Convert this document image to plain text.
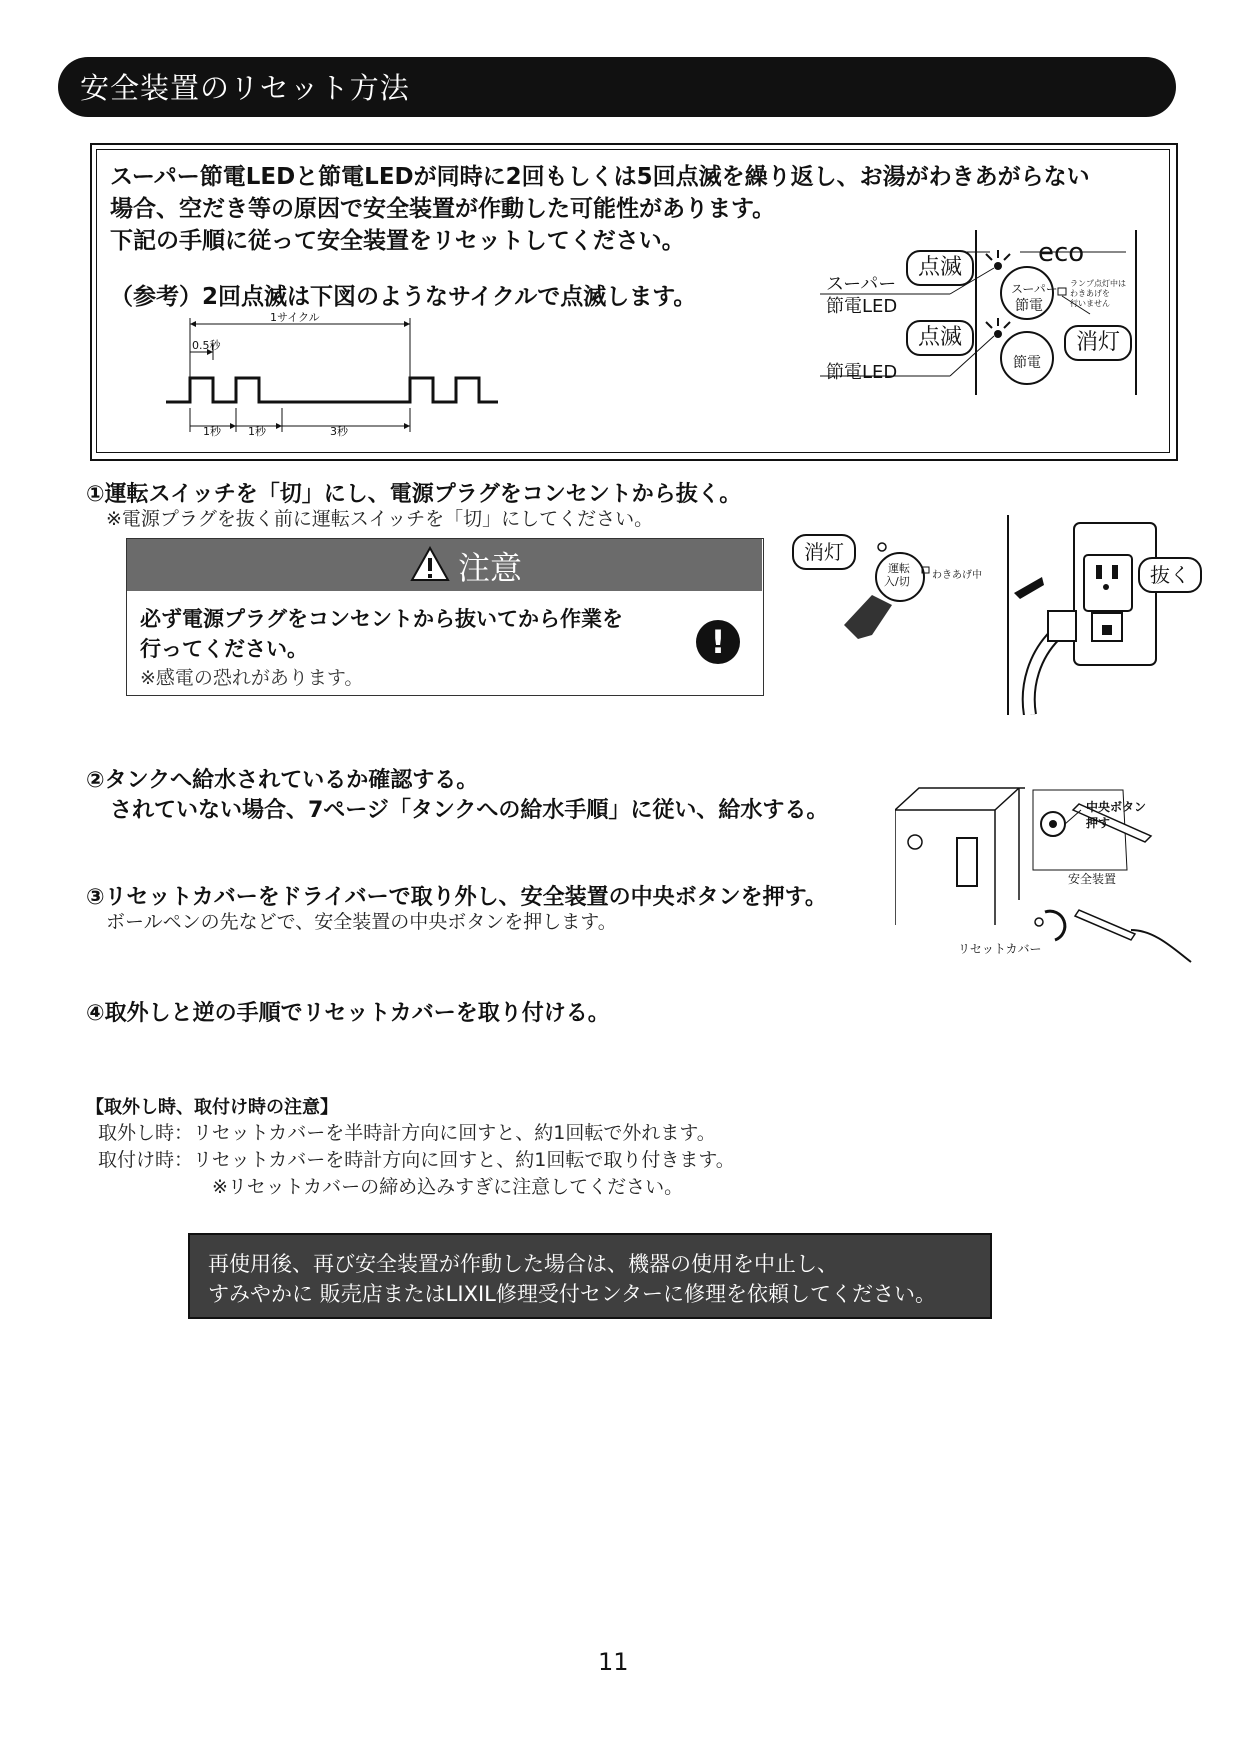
安全装置のリセット方法
スーパー節電LEDと節電LEDが同時に2回もしくは5回点滅を繰り返し、お湯がわきあがらない
場合、空だき等の原因で安全装置が作動した可能性があります。
下記の手順に従って安全装置をリセットしてください。
（参考）2回点滅は下図のようなサイクルで点滅します。
1サイクル
0.5秒
1秒 1秒	3秒
点滅
点滅	消灯
スーパー
節電LED
節電LED
eco
スーパー
節電
節電
ランプ点灯中は
わきあげを
行いません
①運転スイッチを「切」にし、電源プラグをコンセントから抜く。
※電源プラグを抜く前に運転スイッチを「切」にしてください。
注意
必ず電源プラグをコンセントから抜いてから作業を
行ってください。
※感電の恐れがあります。
!
消灯
抜く
運転
入/切 わきあげ中
②タンクへ給水されているか確認する。
されていない場合、7ページ「タンクへの給水手順」に従い、給水する。
③リセットカバーをドライバーで取り外し、安全装置の中央ボタンを押す。
ボールペンの先などで、安全装置の中央ボタンを押します。
中央ボタン
押す
安全装置
リセットカバー
④取外しと逆の手順でリセットカバーを取り付ける。
【取外し時、取付け時の注意】
取外し時：リセットカバーを半時計方向に回すと、約1回転で外れます。
取付け時：リセットカバーを時計方向に回すと、約1回転で取り付きます。
※リセットカバーの締め込みすぎに注意してください。
再使用後、再び安全装置が作動した場合は、機器の使用を中止し、
すみやかに 販売店またはLIXIL修理受付センターに修理を依頼してください。
11
